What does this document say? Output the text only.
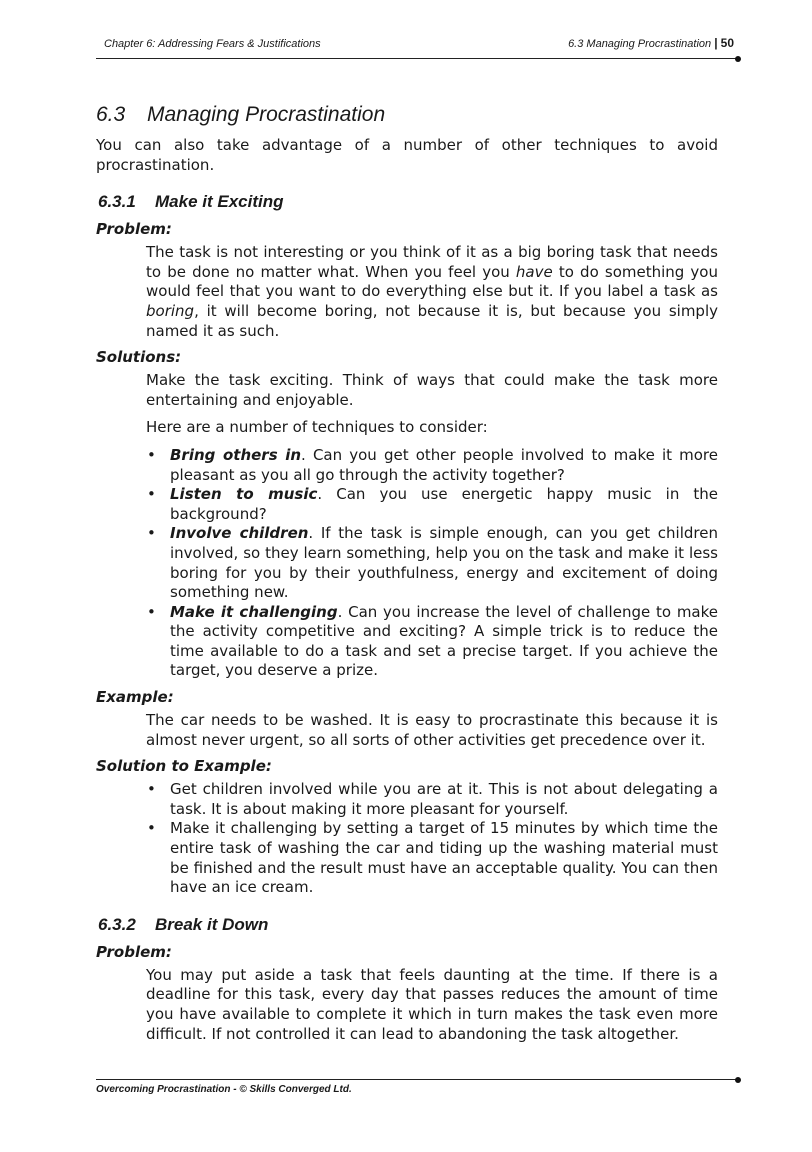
Chapter 6: Addressing Fears & Justifications	6.3 Managing Procrastination | 50
6.3 Managing Procrastination

You can also take advantage of a number of other techniques to avoid procrastination.

6.3.1 Make it Exciting
Problem:

The task is not interesting or you think of it as a big boring task that needs to be done no matter what. When you feel you have to do something you would feel that you want to do everything else but it. If you label a task as boring, it will become boring, not because it is, but because you simply named it as such.

Solutions:

Make the task exciting. Think of ways that could make the task more entertaining and enjoyable.

Here are a number of techniques to consider:

• Bring others in. Can you get other people involved to make it more pleasant as you all go through the activity together?
• Listen to music. Can you use energetic happy music in the background?
• Involve children. If the task is simple enough, can you get children involved, so they learn something, help you on the task and make it less boring for you by their youthfulness, energy and excitement of doing something new.
• Make it challenging. Can you increase the level of challenge to make the activity competitive and exciting? A simple trick is to reduce the time available to do a task and set a precise target. If you achieve the target, you deserve a prize.
Example:

The car needs to be washed. It is easy to procrastinate this because it is almost never urgent, so all sorts of other activities get precedence over it.

Solution to Example:
• Get children involved while you are at it. This is not about delegating a task. It is about making it more pleasant for yourself.
• Make it challenging by setting a target of 15 minutes by which time the entire task of washing the car and tiding up the washing material must be finished and the result must have an acceptable quality. You can then have an ice cream.
6.3.2 Break it Down
Problem:

You may put aside a task that feels daunting at the time. If there is a deadline for this task, every day that passes reduces the amount of time you have available to complete it which in turn makes the task even more difficult. If not controlled it can lead to abandoning the task altogether.

Overcoming Procrastination - © Skills Converged Ltd.
